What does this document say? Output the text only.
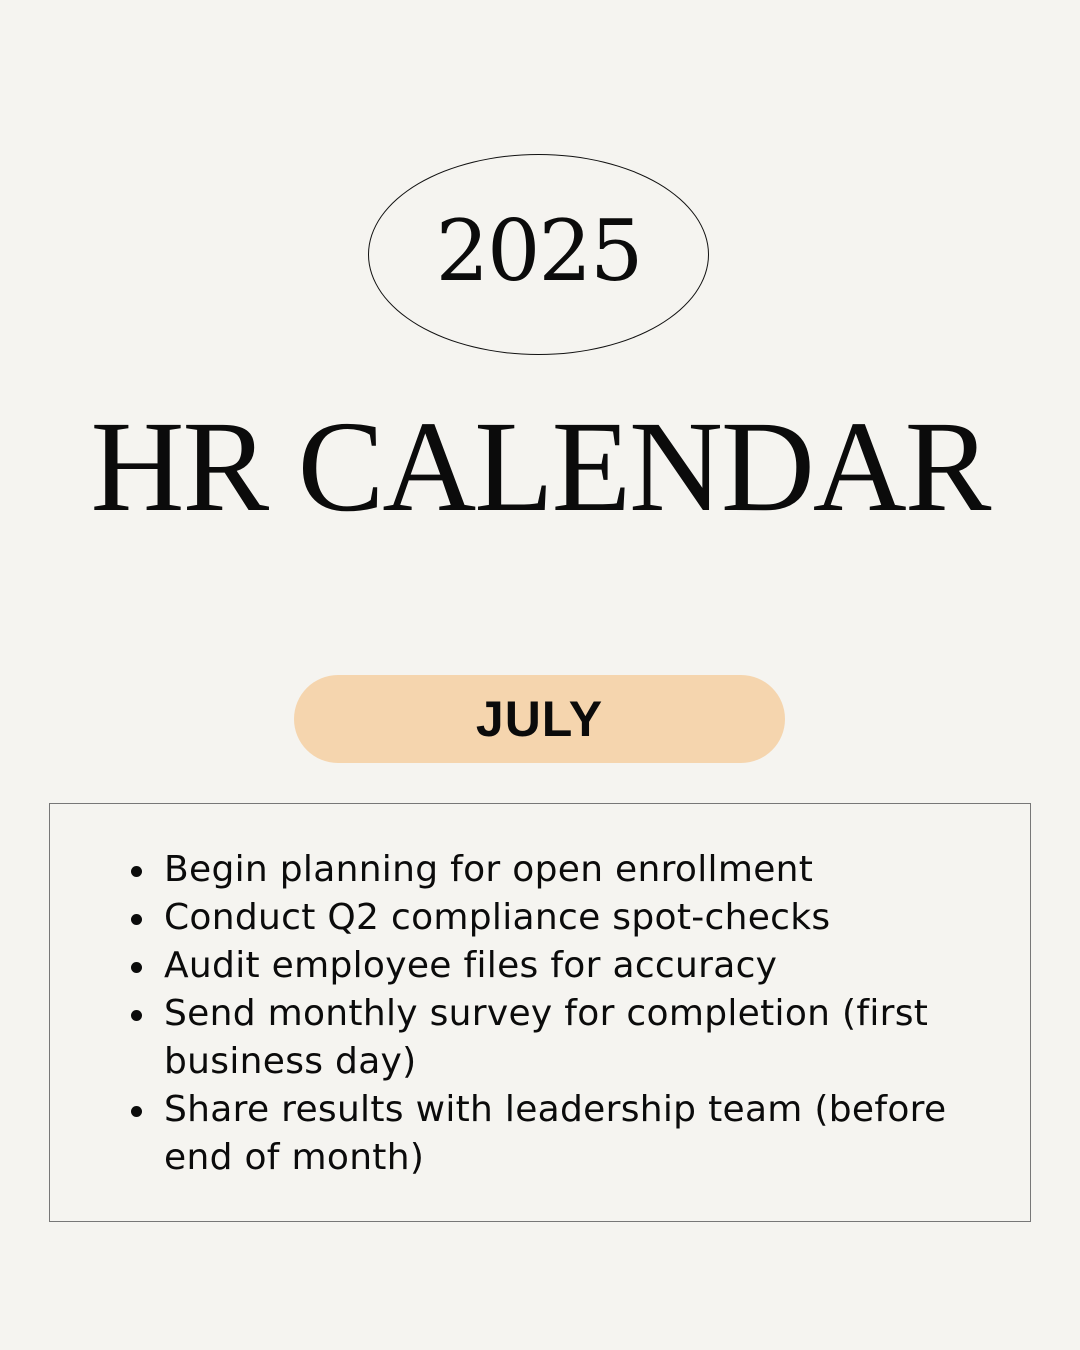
2025
HR CALENDAR
JULY
Begin planning for open enrollment
Conduct Q2 compliance spot-checks
Audit employee files for accuracy
Send monthly survey for completion (first business day)
Share results with leadership team (before end of month)
